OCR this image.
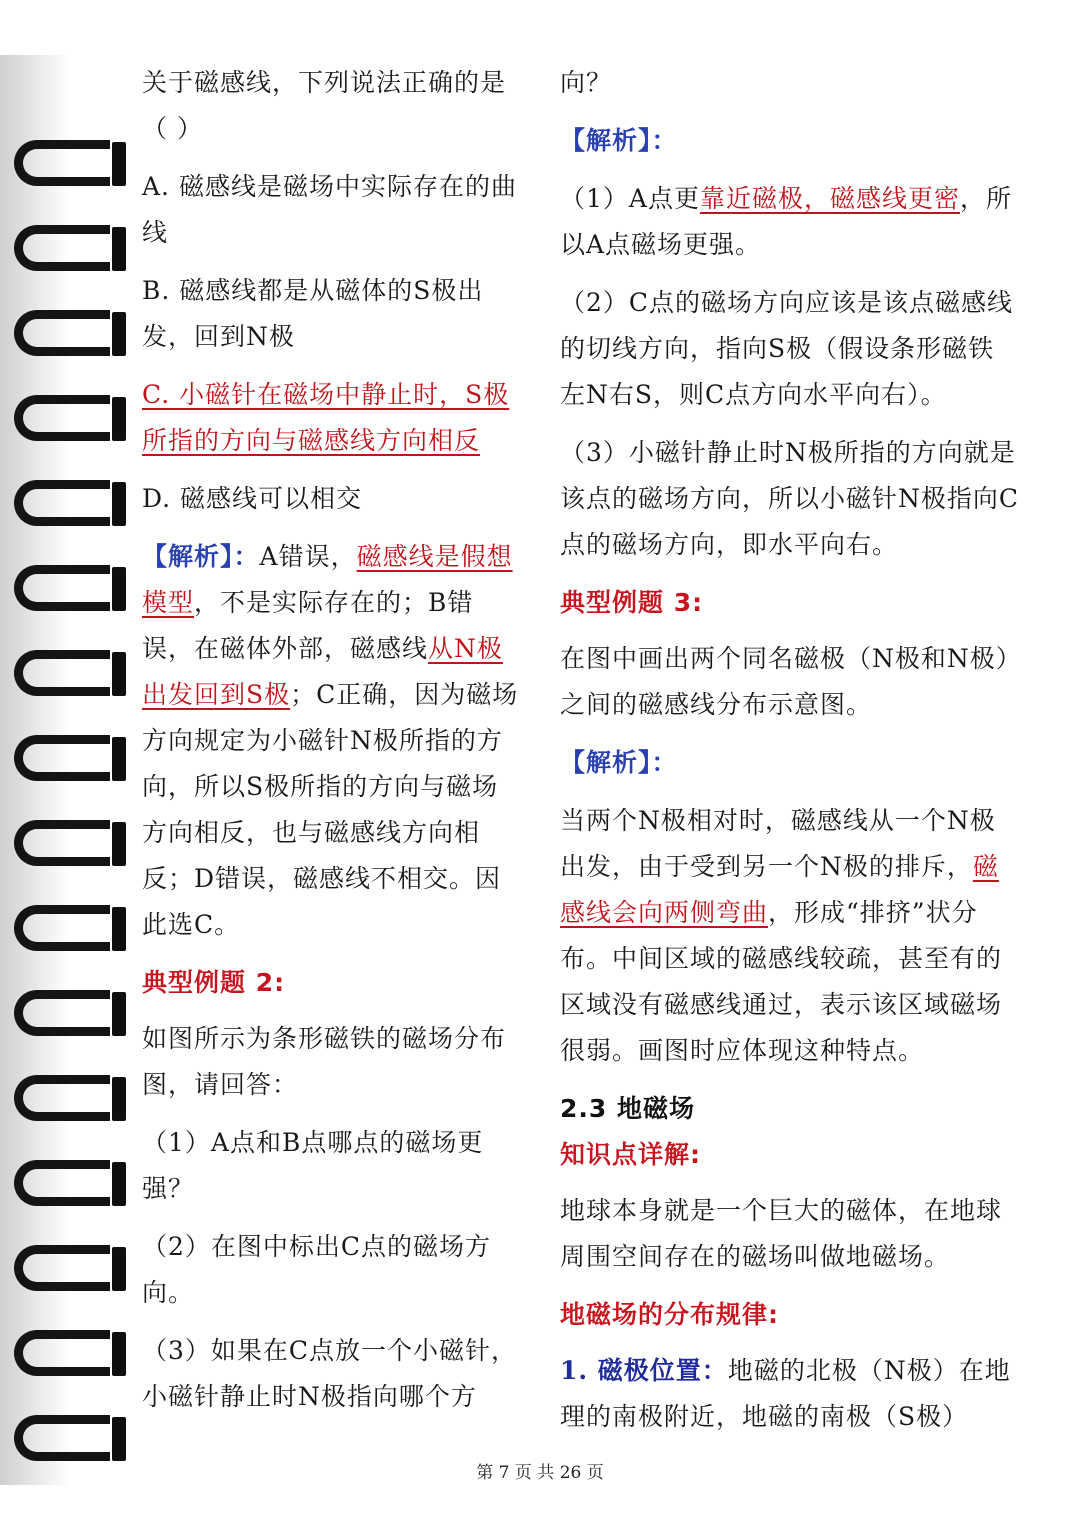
关于磁感线，下列说法正确的是（ ）

A. 磁感线是磁场中实际存在的曲线

B. 磁感线都是从磁体的S极出发，回到N极

C. 小磁针在磁场中静止时，S极所指的方向与磁感线方向相反

D. 磁感线可以相交

【解析】：A错误，磁感线是假想模型，不是实际存在的；B错误，在磁体外部，磁感线从N极出发回到S极；C正确，因为磁场方向规定为小磁针N极所指的方向，所以S极所指的方向与磁场方向相反，也与磁感线方向相反；D错误，磁感线不相交。因此选C。

典型例题 2:

如图所示为条形磁铁的磁场分布图，请回答：

（1）A点和B点哪点的磁场更强？

（2）在图中标出C点的磁场方向。

（3）如果在C点放一个小磁针，小磁针静止时N极指向哪个方

向？

【解析】：

（1）A点更靠近磁极，磁感线更密，所以A点磁场更强。

（2）C点的磁场方向应该是该点磁感线的切线方向，指向S极（假设条形磁铁左N右S，则C点方向水平向右）。

（3）小磁针静止时N极所指的方向就是该点的磁场方向，所以小磁针N极指向C点的磁场方向，即水平向右。

典型例题 3:

在图中画出两个同名磁极（N极和N极）之间的磁感线分布示意图。

【解析】：

当两个N极相对时，磁感线从一个N极出发，由于受到另一个N极的排斥，磁感线会向两侧弯曲，形成“排挤”状分布。中间区域的磁感线较疏，甚至有的区域没有磁感线通过，表示该区域磁场很弱。画图时应体现这种特点。

2.3 地磁场
知识点详解:

地球本身就是一个巨大的磁体，在地球周围空间存在的磁场叫做地磁场。

地磁场的分布规律:

1. 磁极位置：地磁的北极（N极）在地理的南极附近，地磁的南极（S极）

第 7 页 共 26 页
